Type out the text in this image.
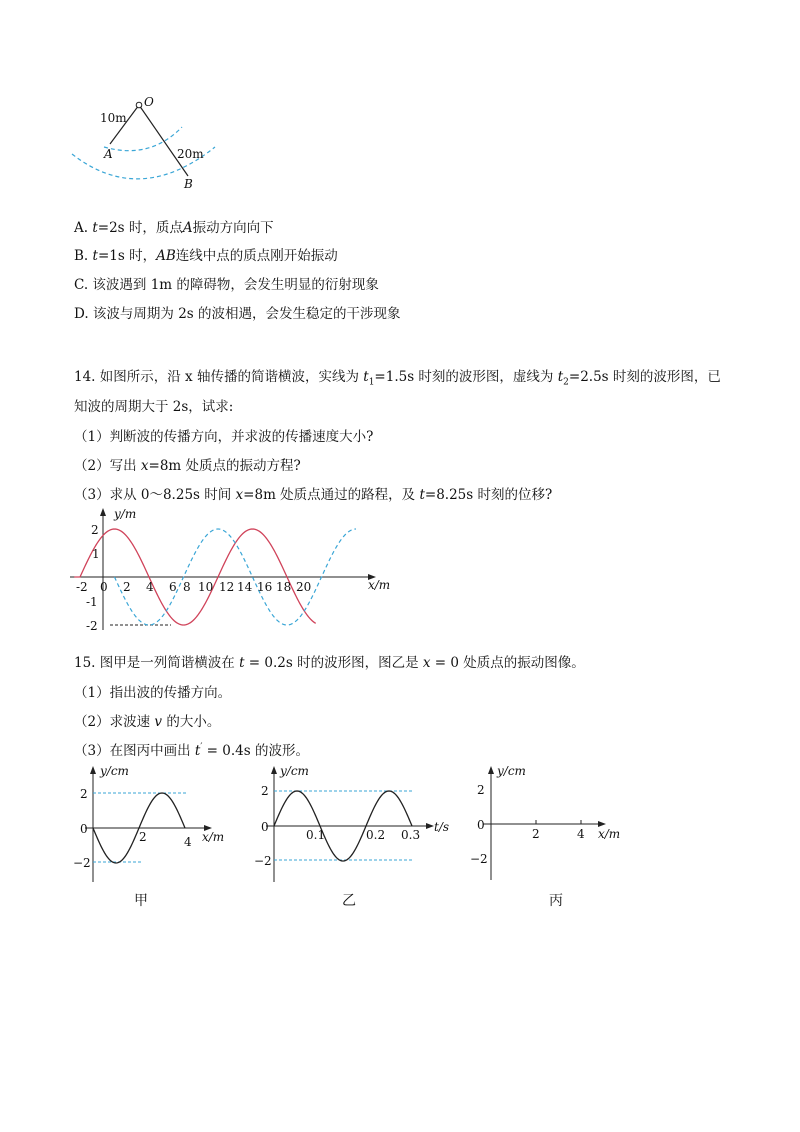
O
10m
A	20m
B
A. t=2s 时，质点A振动方向向下
B. t=1s 时，AB连线中点的质点刚开始振动
C. 该波遇到 1m 的障碍物，会发生明显的衍射现象
D. 该波与周期为 2s 的波相遇，会发生稳定的干涉现象
14. 如图所示，沿 x 轴传播的简谐横波，实线为 $t_1=1.5s$ 时刻的波形图，虚线为 $t_2=2.5s$ 时刻的波形图，已
知波的周期大于 2s，试求:
（1）判断波的传播方向，并求波的传播速度大小?
（2）写出 x=8m 处质点的振动方程?
（3）求从 0～8.25s 时间 x=8m 处质点通过的路程，及 t=8.25s 时刻的位移?
y/m
x/m
2
1
-1
-2
-2 0 2 4 6 8 10 12 14 16 18 20
15. 图甲是一列简谐横波在 t = 0.2s 时的波形图，图乙是 x = 0 处质点的振动图像。
（1）指出波的传播方向。
（2）求波速 v 的大小。
（3）在图丙中画出 t′ = 0.4s 的波形。
y/cm
x/m
2
0
−2
2	4
甲
y/cm
t/s
2
0
−2
0.1	0.2 0.3
乙
y/cm
x/m
2
0
−2
2	4
丙
